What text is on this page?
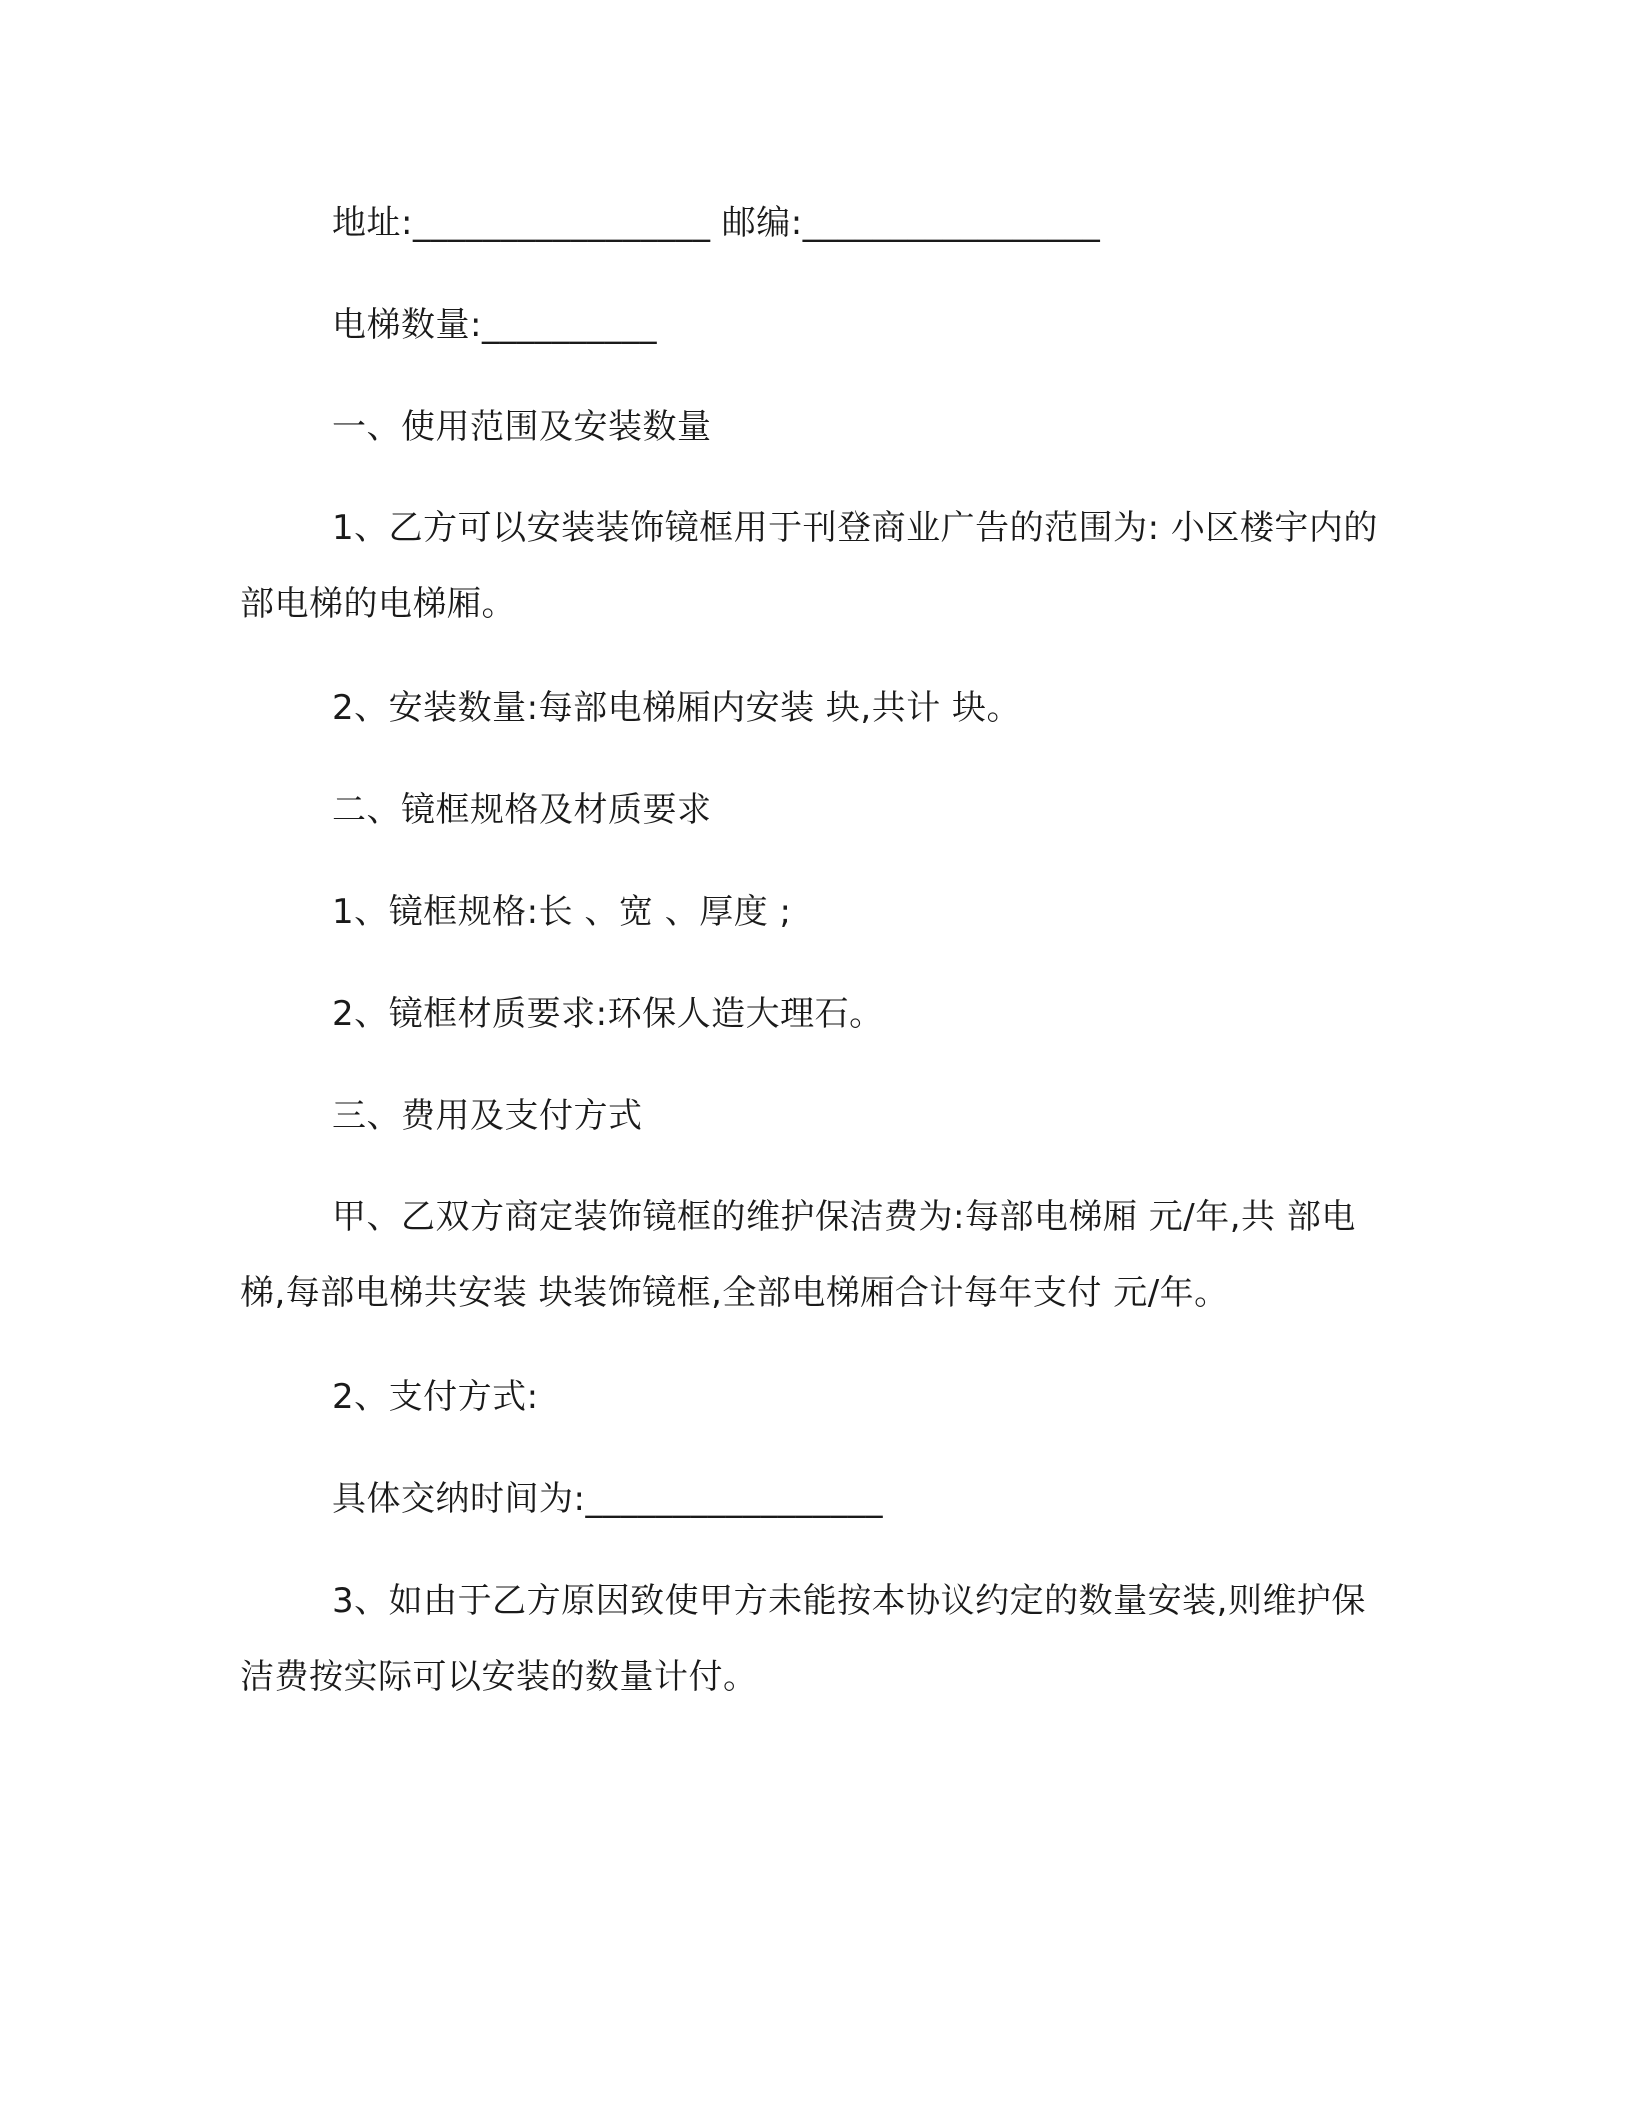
地址:_________________ 邮编:_________________
电梯数量:__________
一、使用范围及安装数量
1、乙方可以安装装饰镜框用于刊登商业广告的范围为: 小区楼宇内的 部电梯的电梯厢。
2、安装数量:每部电梯厢内安装 块,共计 块。
二、镜框规格及材质要求
1、镜框规格:长 、宽 、厚度 ;
2、镜框材质要求:环保人造大理石。
三、费用及支付方式
甲、乙双方商定装饰镜框的维护保洁费为:每部电梯厢 元/年,共 部电梯,每部电梯共安装 块装饰镜框,全部电梯厢合计每年支付 元/年。
2、支付方式:
具体交纳时间为:_________________
3、如由于乙方原因致使甲方未能按本协议约定的数量安装,则维护保洁费按实际可以安装的数量计付。
